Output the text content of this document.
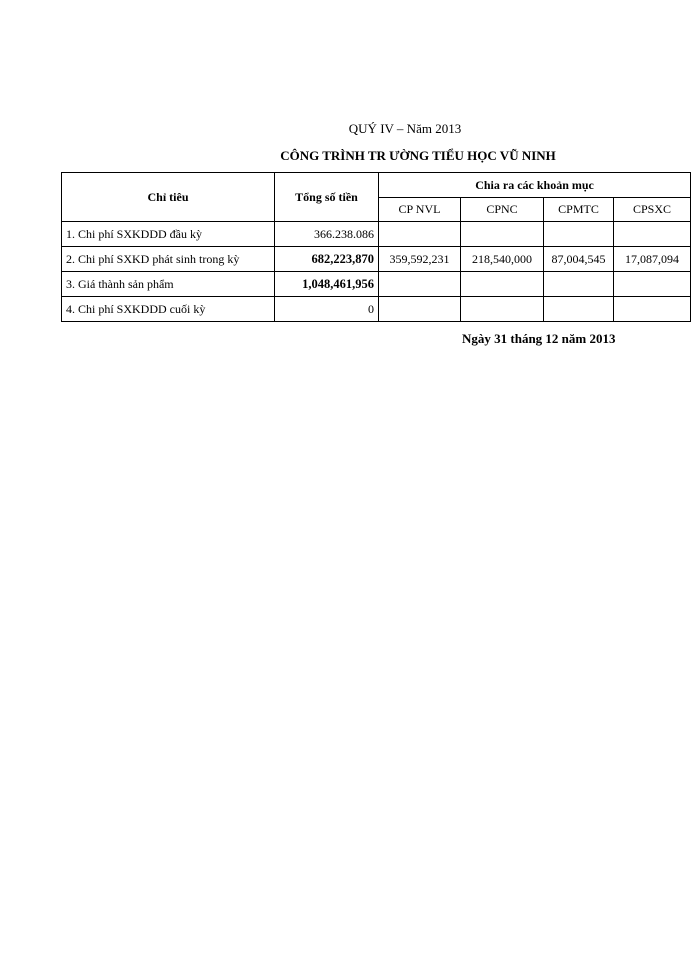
QUÝ IV – Năm 2013
CÔNG TRÌNH TR ƯỜNG TIỂU HỌC VŨ NINH
Chỉ tiêu	Tổng số tiền	Chia ra các khoản mục			
		CP NVL	CPNC	CPMTC	CPSXC
1. Chi phí SXKDDD đầu kỳ	366.238.086				
2. Chi phí SXKD phát sinh trong kỳ	682,223,870	359,592,231	218,540,000	87,004,545	17,087,094
3. Giá thành sản phẩm	1,048,461,956				
4. Chi phí SXKDDD cuối kỳ	0				
Ngày 31 tháng 12 năm 2013
